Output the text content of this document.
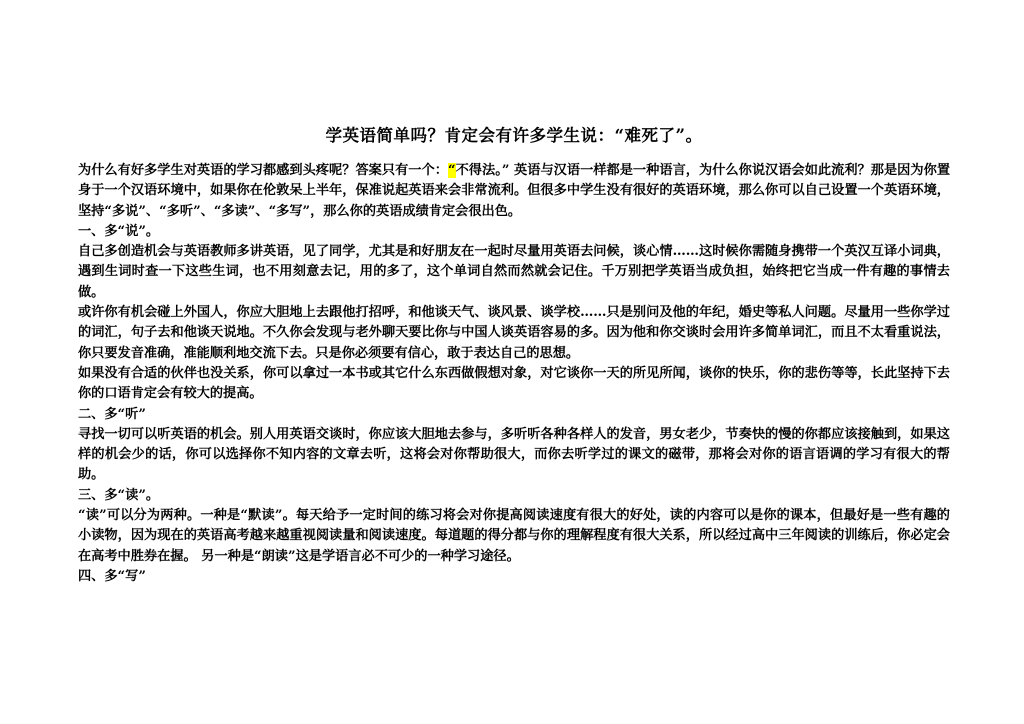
学英语简单吗？肯定会有许多学生说：“难死了”。

为什么有好多学生对英语的学习都感到头疼呢？答案只有一个：“不得法。” 英语与汉语一样都是一种语言，为什么你说汉语会如此流利？那是因为你置身于一个汉语环境中，如果你在伦敦呆上半年，保准说起英语来会非常流利。但很多中学生没有很好的英语环境，那么你可以自己设置一个英语环境，坚持“多说”、“多听”、“多读”、“多写”，那么你的英语成绩肯定会很出色。

一、多“说”。

自己多创造机会与英语教师多讲英语，见了同学，尤其是和好朋友在一起时尽量用英语去问候，谈心情……这时候你需随身携带一个英汉互译小词典，遇到生词时查一下这些生词，也不用刻意去记，用的多了，这个单词自然而然就会记住。千万别把学英语当成负担，始终把它当成一件有趣的事情去做。

或许你有机会碰上外国人，你应大胆地上去跟他打招呼，和他谈天气、谈风景、谈学校……只是别问及他的年纪，婚史等私人问题。尽量用一些你学过的词汇，句子去和他谈天说地。不久你会发现与老外聊天要比你与中国人谈英语容易的多。因为他和你交谈时会用许多简单词汇，而且不太看重说法，你只要发音准确，准能顺利地交流下去。只是你必须要有信心，敢于表达自己的思想。

如果没有合适的伙伴也没关系，你可以拿过一本书或其它什么东西做假想对象，对它谈你一天的所见所闻，谈你的快乐，你的悲伤等等，长此坚持下去你的口语肯定会有较大的提高。

二、多“听”

寻找一切可以听英语的机会。别人用英语交谈时，你应该大胆地去参与，多听听各种各样人的发音，男女老少，节奏快的慢的你都应该接触到，如果这样的机会少的话，你可以选择你不知内容的文章去听，这将会对你帮助很大，而你去听学过的课文的磁带，那将会对你的语言语调的学习有很大的帮助。

三、多“读”。

“读”可以分为两种。一种是“默读”。每天给予一定时间的练习将会对你提高阅读速度有很大的好处，读的内容可以是你的课本，但最好是一些有趣的小读物，因为现在的英语高考越来越重视阅读量和阅读速度。每道题的得分都与你的理解程度有很大关系，所以经过高中三年阅读的训练后，你必定会在高考中胜券在握。 另一种是“朗读”这是学语言必不可少的一种学习途径。

四、多“写”
